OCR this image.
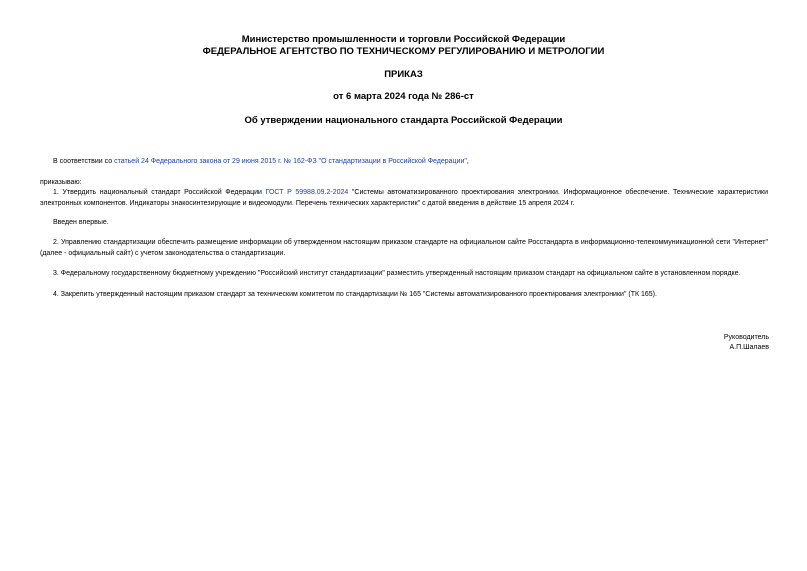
Министерство промышленности и торговли Российской Федерации
ФЕДЕРАЛЬНОЕ АГЕНТСТВО ПО ТЕХНИЧЕСКОМУ РЕГУЛИРОВАНИЮ И МЕТРОЛОГИИ
ПРИКАЗ
от 6 марта 2024 года № 286-ст
Об утверждении национального стандарта Российской Федерации
В соответствии со статьей 24 Федерального закона от 29 июня 2015 г. № 162-ФЗ "О стандартизации в Российской Федерации",
приказываю:
1. Утвердить национальный стандарт Российской Федерации ГОСТ Р 59988.09.2-2024 "Системы автоматизированного проектирования электроники. Информационное обеспечение. Технические характеристики электронных компонентов. Индикаторы знакосинтезирующие и видеомодули. Перечень технических характеристик" с датой введения в действие 15 апреля 2024 г.
Введен впервые.
2. Управлению стандартизации обеспечить размещение информации об утвержденном настоящим приказом стандарте на официальном сайте Росстандарта в информационно-телекоммуникационной сети "Интернет" (далее - официальный сайт) с учетом законодательства о стандартизации.
3. Федеральному государственному бюджетному учреждению "Российский институт стандартизации" разместить утвержденный настоящим приказом стандарт на официальном сайте в установленном порядке.
4. Закрепить утвержденный настоящим приказом стандарт за техническим комитетом по стандартизации № 165 "Системы автоматизированного проектирования электроники" (ТК 165).
Руководитель
А.П.Шалаев
